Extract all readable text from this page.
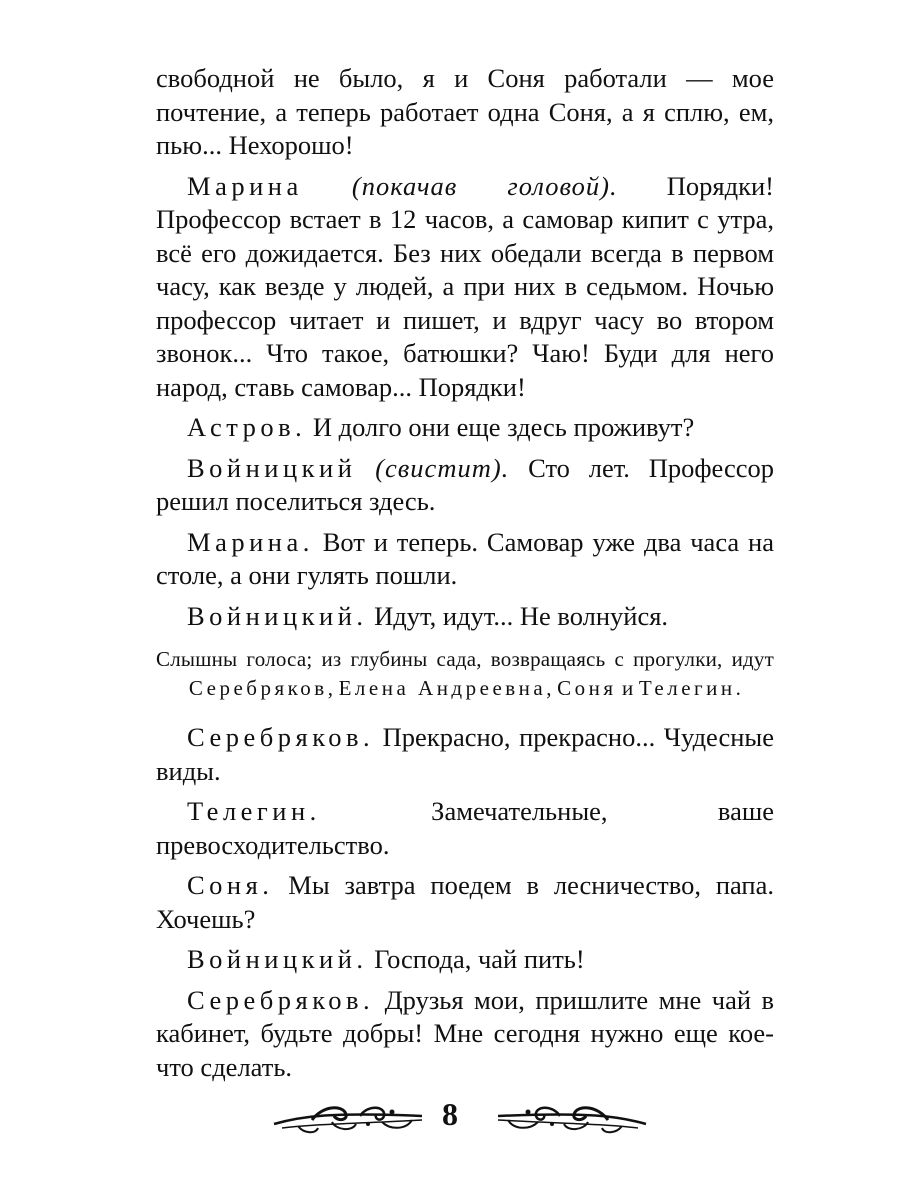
свободной не было, я и Соня работали — мое почтение, а теперь работает одна Соня, а я сплю, ем, пью... Нехорошо!

Марина (покачав головой). Порядки! Профессор встает в 12 часов, а самовар кипит с утра, всё его дожидается. Без них обедали всегда в первом часу, как везде у людей, а при них в седьмом. Ночью профессор читает и пишет, и вдруг часу во втором звонок... Что такое, батюшки? Чаю! Буди для него народ, ставь самовар... Порядки!

Астров. И долго они еще здесь проживут?

Войницкий (свистит). Сто лет. Профессор решил поселиться здесь.

Марина. Вот и теперь. Самовар уже два часа на столе, а они гулять пошли.

Войницкий. Идут, идут... Не волнуйся.

Слышны голоса; из глубины сада, возвращаясь с прогулки, идут Серебряков, Елена Андреевна, Соня и Телегин.

Серебряков. Прекрасно, прекрасно... Чудесные виды.

Телегин. Замечательные, ваше превосходительство.

Соня. Мы завтра поедем в лесничество, папа. Хочешь?

Войницкий. Господа, чай пить!

Серебряков. Друзья мои, пришлите мне чай в кабинет, будьте добры! Мне сегодня нужно еще кое-что сделать.

8
